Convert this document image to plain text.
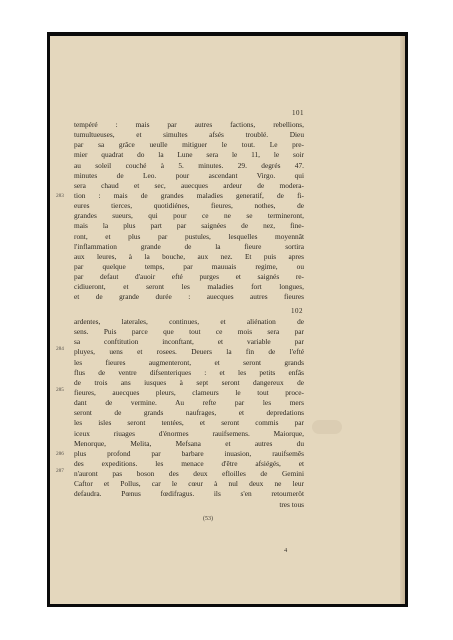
101
102
283
284
285
286
287
tempéré : mais par autres factions, rebellions,
tumultueuses, et simultes afsés troublé. Dieu
par sa grâce ueulle mitiguer le tout. Le pre-
mier quadrat do la Lune sera le 11, le soir
au soleil couché à 5. minutes. 29. degrés 47.
minutes de Leo. pour ascendant Virgo. qui
sera chaud et sec, auecques ardeur de modera-
tion : mais de grandes maladies generatif, de fi-
eures tierces, quotidiénes, fieures, nothes, de
grandes sueurs, qui pour ce ne se termineront,
mais la plus part par saignées de nez, fine-
ront, et plus par pustules, lesquelles moyennât
l'inflammation grande de la fieure sortira
aux leures, à la bouche, aux nez. Et puis apres
par quelque temps, par mauuais regime, ou
par defaut d'auoir efté purges et saignés re-
cidiueront, et seront les maladies fort longues,
et de grande durée : auecques autres fieures
ardentes, laterales, continues, et aliénation de
sens. Puis parce que tout ce mois sera par
sa conftitution inconftant, et variable par
pluyes, uens et rosees. Deuers la fin de l'efté
les fieures augmenteront, et seront grands
flus de ventre difsenteriques : et les petits enfâs
de trois ans iusques à sept seront dangereux de
fieures, auecques pleurs, clameurs le tout proce-
dant de vermine. Au refte par les mers
seront de grands naufrages, et depredations
les isles seront tentées, et seront commis par
iceux riuages d'énormes rauifsemens. Maiorque,
Menorque, Melita, Mefsana et autres du
plus profond par barbare inuasion, rauifsemês
des expeditions. les menace d'être afsiégés, et
n'auront pas boson des deux efloilles de Gemini
Caftor et Pollus, car le cœur à nul deux ne leur
defaudra. Pœnus fœdifragus. ils s'en retourneröt
tres tous
(53)
4
